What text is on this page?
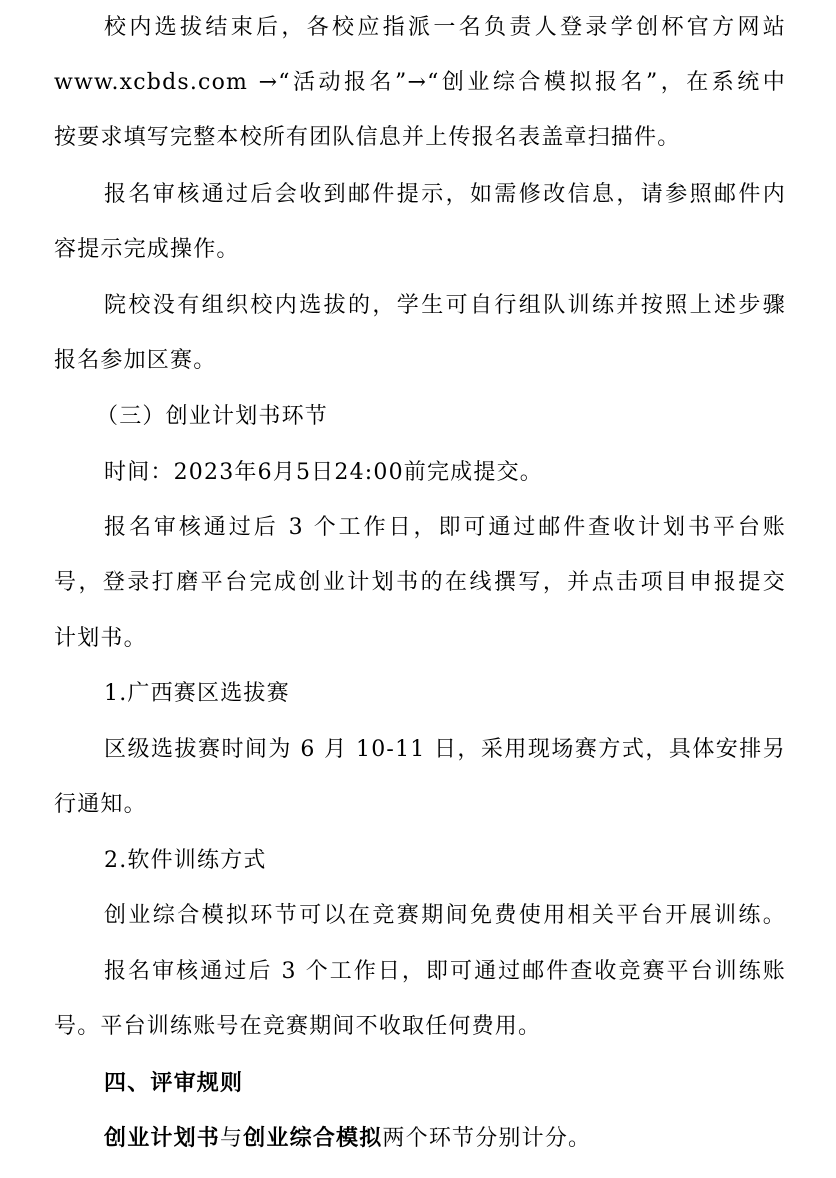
校内选拔结束后，各校应指派一名负责人登录学创杯官方网站
www.xcbds.com →“活动报名”→“创业综合模拟报名”，在系统中
按要求填写完整本校所有团队信息并上传报名表盖章扫描件。
报名审核通过后会收到邮件提示，如需修改信息，请参照邮件内
容提示完成操作。
院校没有组织校内选拔的，学生可自行组队训练并按照上述步骤
报名参加区赛。
（三）创业计划书环节
时间：2023年6月5日24:00前完成提交。
报名审核通过后 3 个工作日，即可通过邮件查收计划书平台账
号，登录打磨平台完成创业计划书的在线撰写，并点击项目申报提交
计划书。
1.广西赛区选拔赛
区级选拔赛时间为 6 月 10-11 日，采用现场赛方式，具体安排另
行通知。
2.软件训练方式
创业综合模拟环节可以在竞赛期间免费使用相关平台开展训练。
报名审核通过后 3 个工作日，即可通过邮件查收竞赛平台训练账
号。平台训练账号在竞赛期间不收取任何费用。
四、评审规则
创业计划书与创业综合模拟两个环节分别计分。
